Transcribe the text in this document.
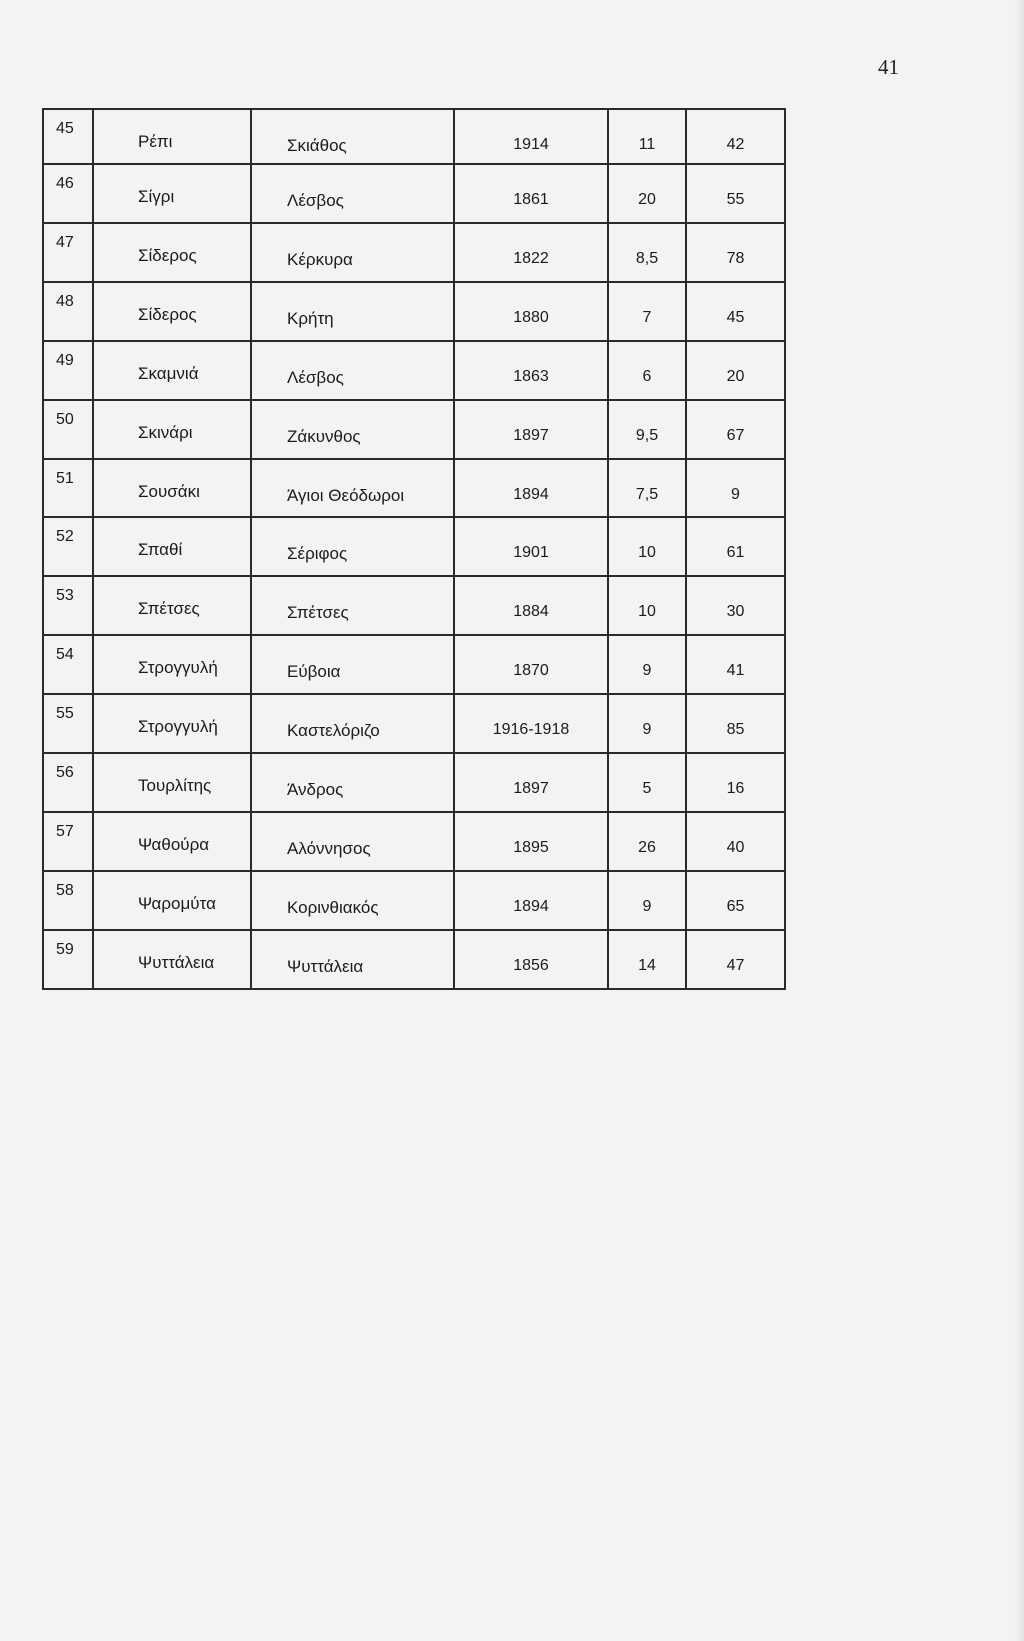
41
45	Ρέπι	Σκιάθος	1914	11	42

46	Σίγρι	Λέσβος	1861	20	55

47	Σίδερος	Κέρκυρα	1822	8,5	78

48	Σίδερος	Κρήτη	1880	7	45

49	Σκαμνιά	Λέσβος	1863	6	20

50	Σκινάρι	Ζάκυνθος	1897	9,5	67

51	Σουσάκι	Άγιοι Θεόδωροι	1894	7,5	9

52	Σπαθί	Σέριφος	1901	10	61

53	Σπέτσες	Σπέτσες	1884	10	30

54	Στρογγυλή	Εύβοια	1870	9	41

55	Στρογγυλή	Καστελόριζο	1916-1918	9	85

56	Τουρλίτης	Άνδρος	1897	5	16

57	Ψαθούρα	Αλόννησος	1895	26	40

58	Ψαρομύτα	Κορινθιακός	1894	9	65

59	Ψυττάλεια	Ψυττάλεια	1856	14	47
